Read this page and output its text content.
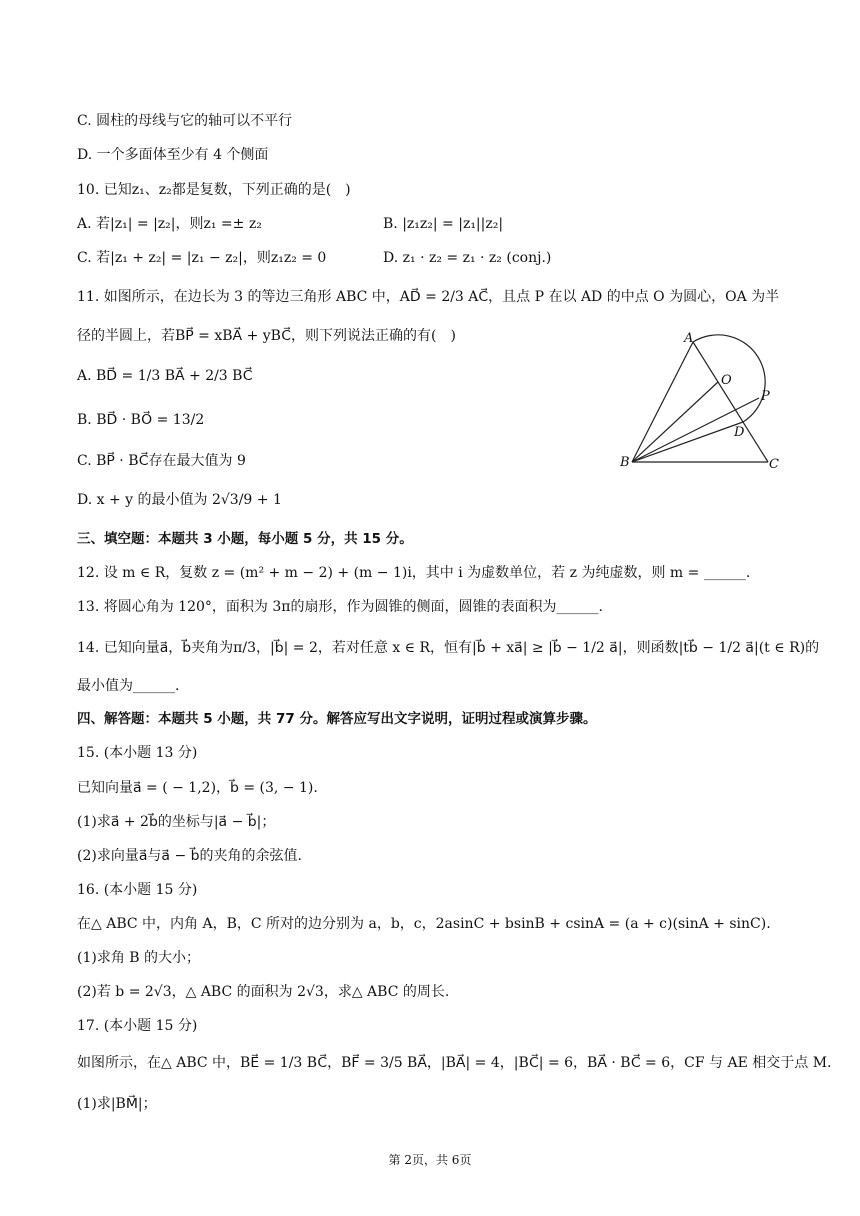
C. 圆柱的母线与它的轴可以不平行
D. 一个多面体至少有 4 个侧面
10. 已知z₁、z₂都是复数，下列正确的是(　)
A. 若|z₁| = |z₂|，则z₁ =± z₂	B. |z₁z₂| = |z₁||z₂|
C. 若|z₁ + z₂| = |z₁ − z₂|，则z₁z₂ = 0	D. z₁ · z₂ = z₁ · z₂ (conj.)
11. 如图所示，在边长为 3 的等边三角形 ABC 中，AD⃗ = 2/3 AC⃗，且点 P 在以 AD 的中点 O 为圆心，OA 为半
径的半圆上，若BP⃗ = xBA⃗ + yBC⃗，则下列说法正确的有(　)
A. BD⃗ = 1/3 BA⃗ + 2/3 BC⃗
B. BD⃗ · BO⃗ = 13/2
C. BP⃗ · BC⃗存在最大值为 9
D. x + y 的最小值为 2√3/9 + 1
A
B	C
D
O
P
三、填空题：本题共 3 小题，每小题 5 分，共 15 分。
12. 设 m ∈ R，复数 z = (m² + m − 2) + (m − 1)i，其中 i 为虚数单位，若 z 为纯虚数，则 m = ______.
13. 将圆心角为 120°，面积为 3π的扇形，作为圆锥的侧面，圆锥的表面积为______.
14. 已知向量a⃗，b⃗夹角为π/3，|b⃗| = 2，若对任意 x ∈ R，恒有|b⃗ + xa⃗| ≥ |b⃗ − 1/2 a⃗|，则函数|tb⃗ − 1/2 a⃗|(t ∈ R)的
最小值为______.
四、解答题：本题共 5 小题，共 77 分。解答应写出文字说明，证明过程或演算步骤。
15. (本小题 13 分)
已知向量a⃗ = ( − 1,2)，b⃗ = (3, − 1).
(1)求a⃗ + 2b⃗的坐标与|a⃗ − b⃗|；
(2)求向量a⃗与a⃗ − b⃗的夹角的余弦值.
16. (本小题 15 分)
在△ ABC 中，内角 A，B，C 所对的边分别为 a，b，c，2asinC + bsinB + csinA = (a + c)(sinA + sinC).
(1)求角 B 的大小；
(2)若 b = 2√3，△ ABC 的面积为 2√3，求△ ABC 的周长.
17. (本小题 15 分)
如图所示，在△ ABC 中，BE⃗ = 1/3 BC⃗，BF⃗ = 3/5 BA⃗，|BA⃗| = 4，|BC⃗| = 6，BA⃗ · BC⃗ = 6，CF 与 AE 相交于点 M.
(1)求|BM⃗|；
第 2页，共 6页
